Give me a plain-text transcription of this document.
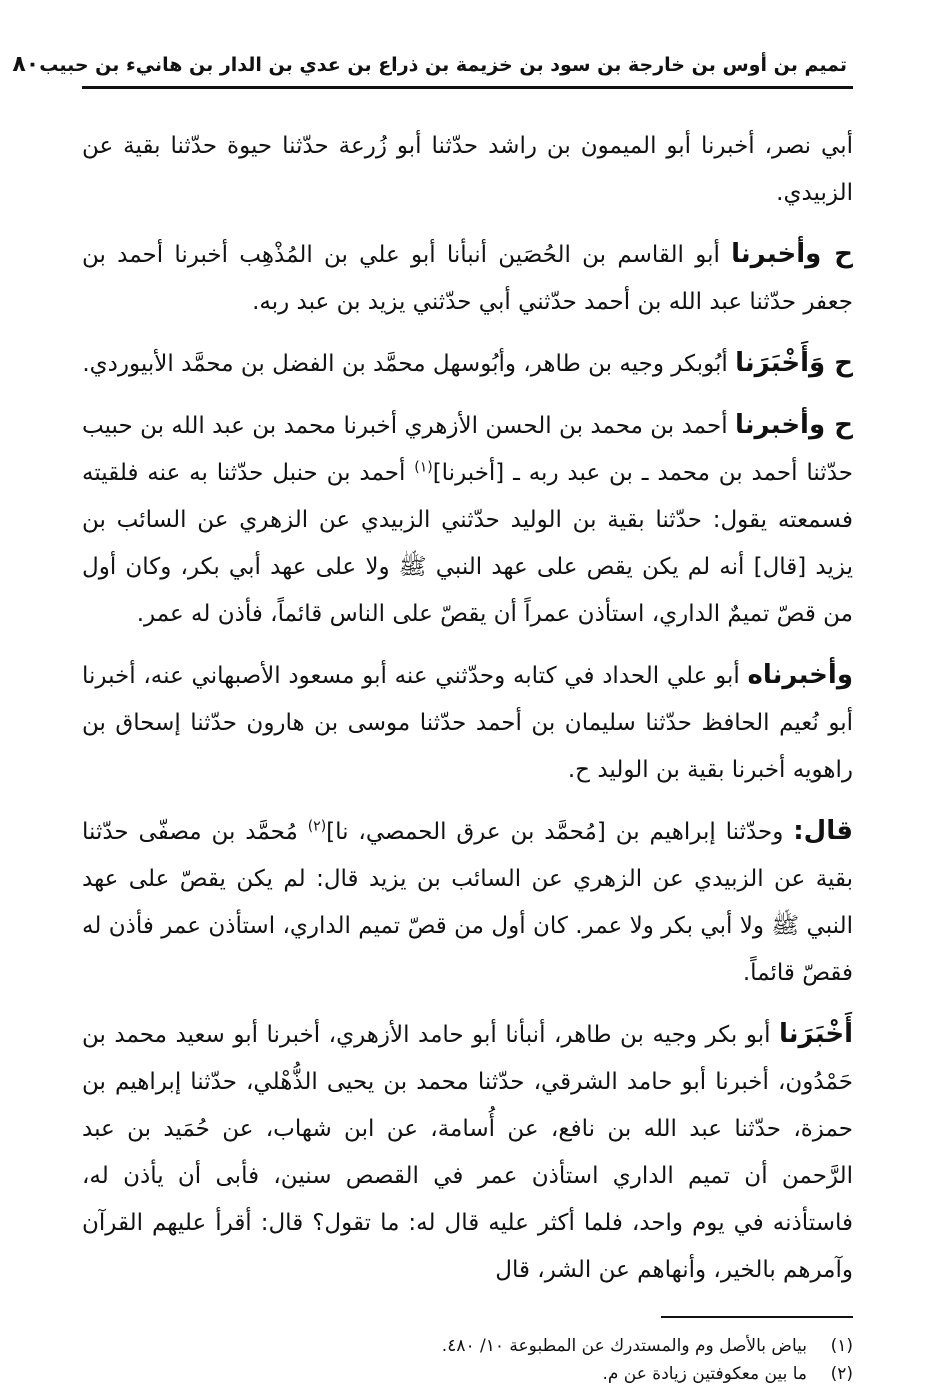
تميم بن أوس بن خارجة بن سود بن خزيمة بن ذراع بن عدي بن الدار بن هانيء بن حبيب
٨٠

أبي نصر، أخبرنا أبو الميمون بن راشد حدّثنا أبو زُرعة حدّثنا حيوة حدّثنا بقية عن الزبيدي.

ح وأخبرنا أبو القاسم بن الحُصَين أنبأنا أبو علي بن المُذْهِب أخبرنا أحمد بن جعفر حدّثنا عبد الله بن أحمد حدّثني أبي حدّثني يزيد بن عبد ربه.

ح وَأَخْبَرَنا أبُوبكر وجيه بن طاهر، وأبُوسهل محمَّد بن الفضل بن محمَّد الأبيوردي.

ح وأخبرنا أحمد بن محمد بن الحسن الأزهري أخبرنا محمد بن عبد الله بن حبيب حدّثنا أحمد بن محمد ـ بن عبد ربه ـ [أخبرنا]$^{(١)}$ أحمد بن حنبل حدّثنا به عنه فلقيته فسمعته يقول: حدّثنا بقية بن الوليد حدّثني الزبيدي عن الزهري عن السائب بن يزيد [قال] أنه لم يكن يقص على عهد النبي ﷺ ولا على عهد أبي بكر، وكان أول من قصّ تميمٌ الداري، استأذن عمراً أن يقصّ على الناس قائماً، فأذن له عمر.

وأخبرناه أبو علي الحداد في كتابه وحدّثني عنه أبو مسعود الأصبهاني عنه، أخبرنا أبو نُعيم الحافظ حدّثنا سليمان بن أحمد حدّثنا موسى بن هارون حدّثنا إسحاق بن راهويه أخبرنا بقية بن الوليد ح.

قال: وحدّثنا إبراهيم بن [مُحمَّد بن عرق الحمصي، نا]$^{(٢)}$ مُحمَّد بن مصفّى حدّثنا بقية عن الزبيدي عن الزهري عن السائب بن يزيد قال: لم يكن يقصّ على عهد النبي ﷺ ولا أبي بكر ولا عمر. كان أول من قصّ تميم الداري، استأذن عمر فأذن له فقصّ قائماً.

أَخْبَرَنا أبو بكر وجيه بن طاهر، أنبأنا أبو حامد الأزهري، أخبرنا أبو سعيد محمد بن حَمْدُون، أخبرنا أبو حامد الشرقي، حدّثنا محمد بن يحيى الذُّهْلي، حدّثنا إبراهيم بن حمزة، حدّثنا عبد الله بن نافع، عن أُسامة، عن ابن شهاب، عن حُمَيد بن عبد الرَّحمن أن تميم الداري استأذن عمر في القصص سنين، فأبى أن يأذن له، فاستأذنه في يوم واحد، فلما أكثر عليه قال له: ما تقول؟ قال: أقرأ عليهم القرآن وآمرهم بالخير، وأنهاهم عن الشر، قال

(١)
بياض بالأصل وم والمستدرك عن المطبوعة ١٠/ ٤٨٠.
(٢)
ما بين معكوفتين زيادة عن م.
